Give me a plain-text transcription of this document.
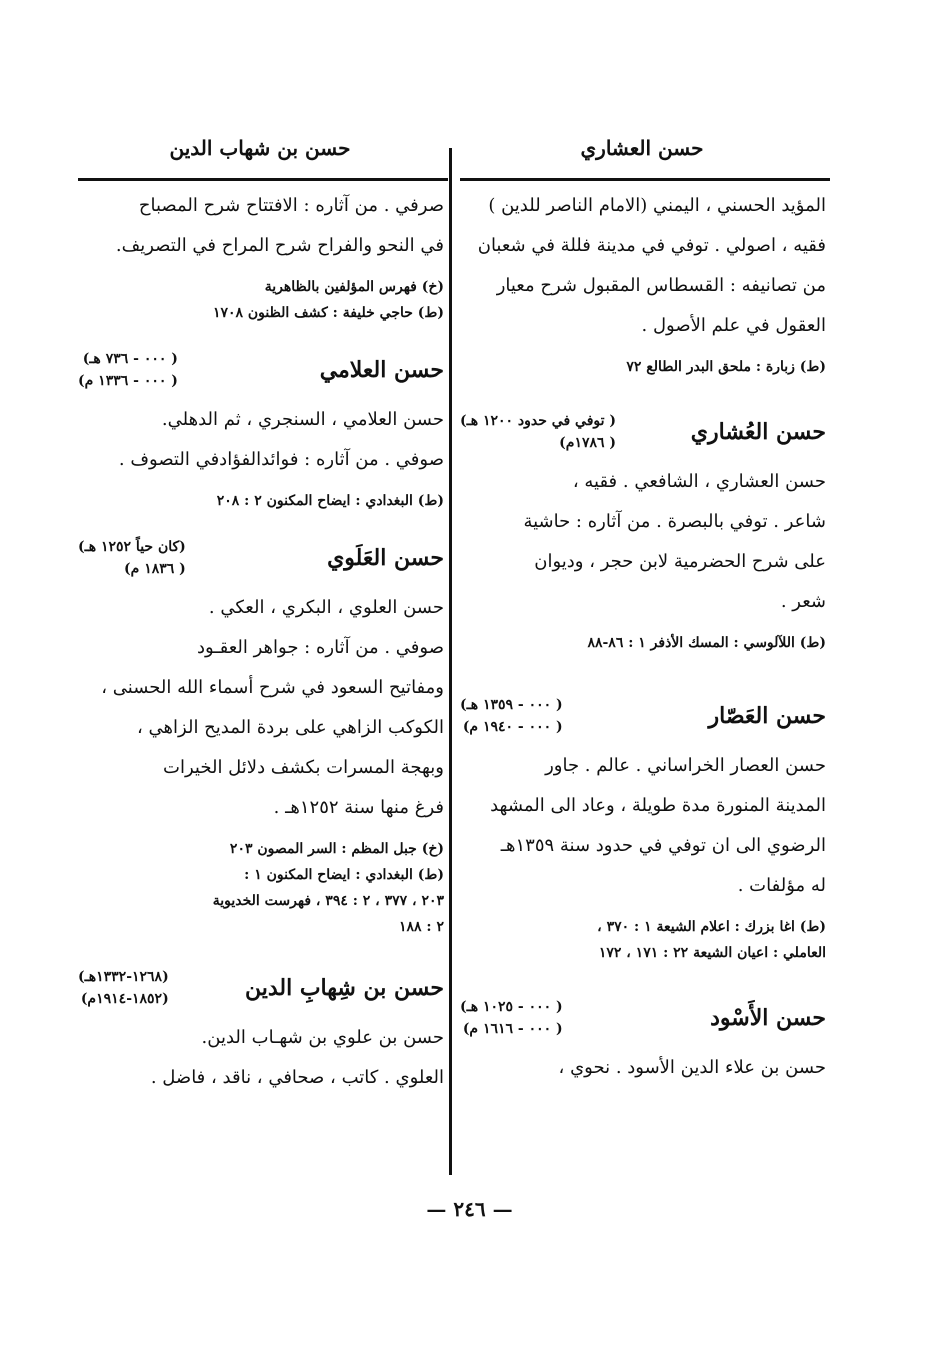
حسن العشاري
حسن بن شهاب الدين

المؤيد الحسني ، اليمني (الامام الناصر للدين )

فقيه ، اصولي . توفي في مدينة فللة في شعبان

من تصانيفه : القسطاس المقبول شرح معيار

العقول في علم الأصول .

(ط) زبارة : ملحق البدر الطالع ٧٢

حسن العُشاري
( توفي في حدود ١٢٠٠ هـ)
( ١٧٨٦م)

حسن العشاري ، الشافعي . فقيه ،

شاعر . توفي بالبصرة . من آثاره : حاشية

على شرح الحضرمية لابن حجر ، وديوان

شعر .

(ط) اللآلوسي : المسك الأذفر ١ : ٨٦-٨٨

حسن العَصّار
( ٠٠٠ - ١٣٥٩ هـ)
( ٠٠٠ - ١٩٤٠ م)

حسن العصار الخراساني . عالم . جاور

المدينة المنورة مدة طويلة ، وعاد الى المشهد

الرضوي الى ان توفي في حدود سنة ١٣٥٩هـ

له مؤلفات .

(ط) اغا بزرك : اعلام الشيعة ١ : ٣٧٠ ،

العاملي : اعيان الشيعة ٢٢ : ١٧١ ، ١٧٢

حسن الأَسْود
( ٠٠٠ - ١٠٢٥ هـ)
( ٠٠٠ - ١٦١٦ م)

حسن بن علاء الدين الأسود . نحوي ،

صرفي . من آثاره : الافتتاح شرح المصباح

في النحو والفراح شرح المراح في التصريف.

(خ) فهرس المؤلفين بالظاهرية

(ط) حاجي خليفة : كشف الظنون ١٧٠٨

حسن العلامي
( ٠٠٠ - ٧٣٦ هـ)
( ٠٠٠ - ١٣٣٦ م)

حسن العلامي ، السنجري ، ثم الدهلي.

صوفي . من آثاره : فوائدالفؤادفي التصوف .

(ط) البغدادي : ايضاح المكنون ٢ : ٢٠٨

حسن العَلَوي
(كان حياً ١٢٥٢ هـ)
( ١٨٣٦ م)

حسن العلوي ، البكري ، العكي .

صوفي . من آثاره : جواهر العقـود

ومفاتيح السعود في شرح أسماء الله الحسنى ،

الكوكب الزاهي على بردة المديح الزاهي ،

وبهجة المسرات بكشف دلائل الخيرات

فرغ منها سنة ١٢٥٢هـ .

(خ) جبل المظم : السر المصون ٢٠٣

(ط) البغدادي : ايضاح المكنون ١ :

٢٠٣ ، ٣٧٧ ، ٢ : ٣٩٤ ، فهرست الخديوية

٢ : ١٨٨

حسن بن شِهابِ الدين
(١٢٦٨-١٣٣٢هـ)
(١٨٥٢-١٩١٤م)

حسن بن علوي بن شهـاب الدين.

العلوي . كاتب ، صحافي ، ناقد ، فاضل .

— ٢٤٦ —
